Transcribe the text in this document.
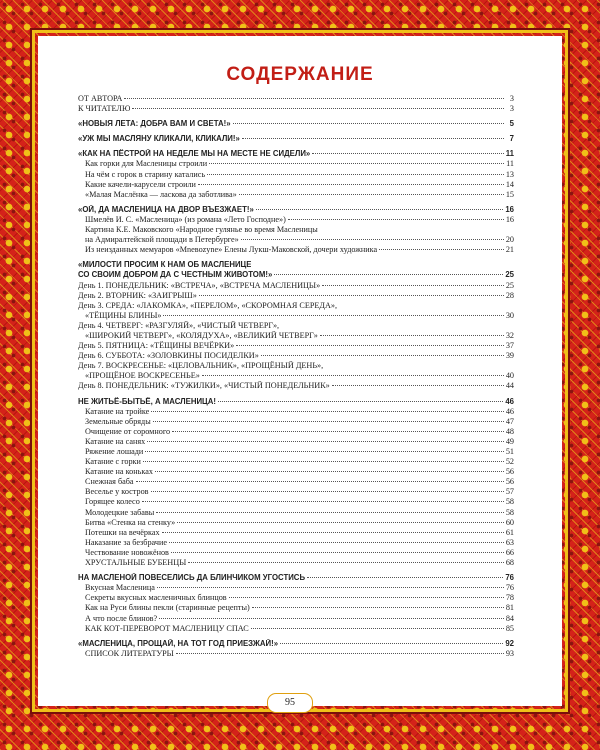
СОДЕРЖАНИЕ
ОТ АВТОРА	3
К ЧИТАТЕЛЮ	3
«НОВЫЯ ЛЕТА: ДОБРА ВАМ И СВЕТА!»	5
«УЖ МЫ МАСЛЯНУ КЛИКАЛИ, КЛИКАЛИ!»	7
«КАК НА ПЁСТРОЙ НА НЕДЕЛЕ МЫ НА МЕСТЕ НЕ СИДЕЛИ»	11
Как горки для Масленицы строили	11
На чём с горок в старину катались	13
Какие качели-карусели строили	14
«Малая Маслёнка — ласкова да заботлива»	15
«ОЙ, ДА МАСЛЕНИЦА НА ДВОР ВЪЕЗЖАЕТ!»	16
Шмелёв И. С. «Масленица» (из романа «Лето Господне»)	16
Картина К.Е. Маковского «Народное гулянье во время Масленицы
на Адмиралтейской площади в Петербурге»	20
Из неизданных мемуаров «Mneвozуne» Елены Лукш-Маковской, дочери художника	21
«МИЛОСТИ ПРОСИМ К НАМ ОБ МАСЛЕНИЦЕ
СО СВОИМ ДОБРОМ ДА С ЧЕСТНЫМ ЖИВОТОМ!»	25
День 1. ПОНЕДЕЛЬНИК: «ВСТРЕЧА», «ВСТРЕЧА МАСЛЕНИЦЫ»	25
День 2. ВТОРНИК: «ЗАИГРЫШ»	28
День 3. СРЕДА: «ЛАКОМКА», «ПЕРЕЛОМ», «СКОРОМНАЯ СЕРЕДА»,
«ТЁЩИНЫ БЛИНЫ»	30
День 4. ЧЕТВЕРГ: «РАЗГУЛЯЙ», «ЧИСТЫЙ ЧЕТВЕРГ»,
«ШИРОКИЙ ЧЕТВЕРГ», «КОЛЯДУХА», «ВЕЛИКИЙ ЧЕТВЕРГ»	32
День 5. ПЯТНИЦА: «ТЁЩИНЫ ВЕЧЁРКИ»	37
День 6. СУББОТА: «ЗОЛОВКИНЫ ПОСИДЕЛКИ»	39
День 7. ВОСКРЕСЕНЬЕ: «ЦЕЛОВАЛЬНИК», «ПРОЩЁНЫЙ ДЕНЬ»,
«ПРОЩЁНОЕ ВОСКРЕСЕНЬЕ»	40
День 8. ПОНЕДЕЛЬНИК: «ТУЖИЛКИ», «ЧИСТЫЙ ПОНЕДЕЛЬНИК»	44
НЕ ЖИТЬЁ-БЫТЬЁ, А МАСЛЕНИЦА!	46
Катание на тройке	46
Земельные обряды	47
Очищение от соромного	48
Катание на санях	49
Ряжение лошади	51
Катание с горки	52
Катание на коньках	56
Снежная баба	56
Веселье у костров	57
Горящее колесо	58
Молодецкие забавы	58
Битва «Стенка на стенку»	60
Потешки на вечёрках	61
Наказание за безбрачие	63
Чествование новожёнов	66
ХРУСТАЛЬНЫЕ БУБЕНЦЫ	68
НА МАСЛЕНОЙ ПОВЕСЕЛИСЬ ДА БЛИНЧИКОМ УГОСТИСЬ	76
Вкусная Масленица	76
Секреты вкусных масленичных блинцов	78
Как на Руси блины пекли (старинные рецепты)	81
А что после блинов?	84
КАК КОТ-ПЕРЕВОРОТ МАСЛЕНИЦУ СПАС	85
«МАСЛЕНИЦА, ПРОЩАЙ, НА ТОТ ГОД ПРИЕЗЖАЙ!»	92
СПИСОК ЛИТЕРАТУРЫ	93
95
